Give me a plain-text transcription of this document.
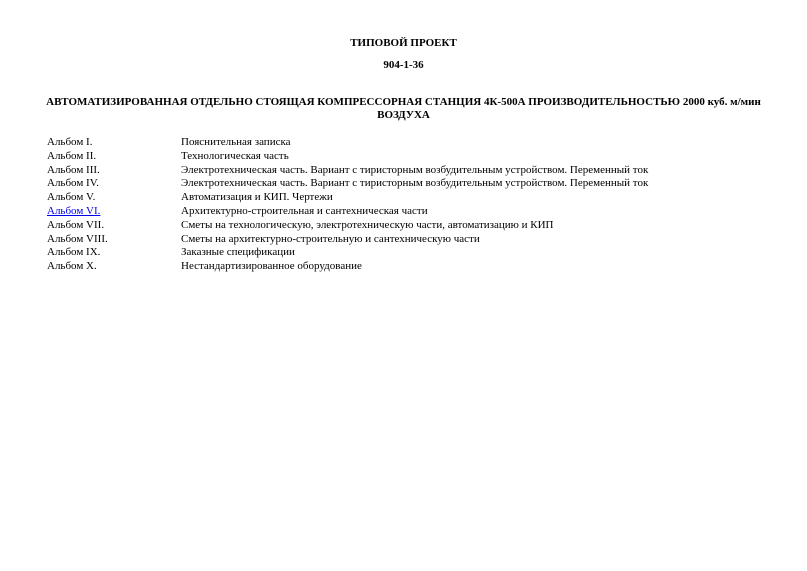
ТИПОВОЙ ПРОЕКТ
904-1-36
АВТОМАТИЗИРОВАННАЯ ОТДЕЛЬНО СТОЯЩАЯ КОМПРЕССОРНАЯ СТАНЦИЯ 4К-500А ПРОИЗВОДИТЕЛЬНОСТЬЮ 2000 куб. м/мин ВОЗДУХА
Альбом I.	Пояснительная записка
Альбом II.	Технологическая часть
Альбом III.	Электротехническая часть. Вариант с тиристорным возбудительным устройством. Переменный ток
Альбом IV.	Электротехническая часть. Вариант с тиристорным возбудительным устройством. Переменный ток
Альбом V.	Автоматизация и КИП. Чертежи
Альбом VI.	Архитектурно-строительная и сантехническая части
Альбом VII.	Сметы на технологическую, электротехническую части, автоматизацию и КИП
Альбом VIII.	Сметы на архитектурно-строительную и сантехническую части
Альбом IX.	Заказные спецификации
Альбом X.	Нестандартизированное оборудование
